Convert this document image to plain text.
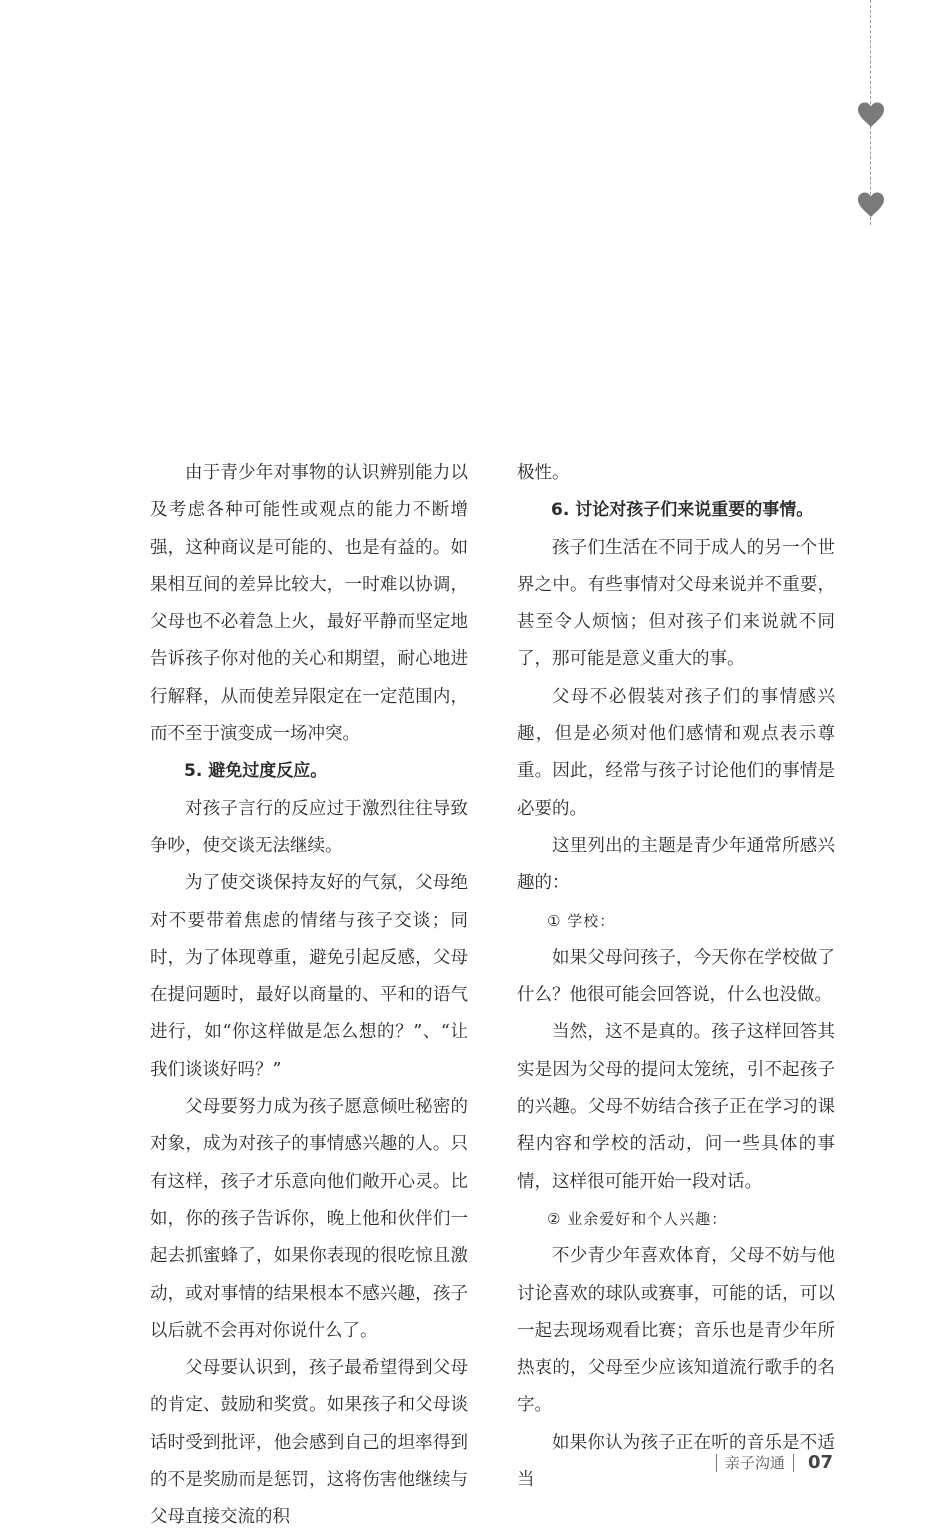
由于青少年对事物的认识辨别能力以及考虑各种可能性或观点的能力不断增强，这种商议是可能的、也是有益的。如果相互间的差异比较大，一时难以协调，父母也不必着急上火，最好平静而坚定地告诉孩子你对他的关心和期望，耐心地进行解释，从而使差异限定在一定范围内，而不至于演变成一场冲突。

5. 避免过度反应。

对孩子言行的反应过于激烈往往导致争吵，使交谈无法继续。

为了使交谈保持友好的气氛，父母绝对不要带着焦虑的情绪与孩子交谈；同时，为了体现尊重，避免引起反感，父母在提问题时，最好以商量的、平和的语气进行，如“你这样做是怎么想的？”、“让我们谈谈好吗？”

父母要努力成为孩子愿意倾吐秘密的对象，成为对孩子的事情感兴趣的人。只有这样，孩子才乐意向他们敞开心灵。比如，你的孩子告诉你，晚上他和伙伴们一起去抓蜜蜂了，如果你表现的很吃惊且激动，或对事情的结果根本不感兴趣，孩子以后就不会再对你说什么了。

父母要认识到，孩子最希望得到父母的肯定、鼓励和奖赏。如果孩子和父母谈话时受到批评，他会感到自己的坦率得到的不是奖励而是惩罚，这将伤害他继续与父母直接交流的积

极性。

6. 讨论对孩子们来说重要的事情。

孩子们生活在不同于成人的另一个世界之中。有些事情对父母来说并不重要，甚至令人烦恼；但对孩子们来说就不同了，那可能是意义重大的事。

父母不必假装对孩子们的事情感兴趣，但是必须对他们感情和观点表示尊重。因此，经常与孩子讨论他们的事情是必要的。

这里列出的主题是青少年通常所感兴趣的：

① 学校：

如果父母问孩子，今天你在学校做了什么？他很可能会回答说，什么也没做。

当然，这不是真的。孩子这样回答其实是因为父母的提问太笼统，引不起孩子的兴趣。父母不妨结合孩子正在学习的课程内容和学校的活动，问一些具体的事情，这样很可能开始一段对话。

② 业余爱好和个人兴趣：

不少青少年喜欢体育，父母不妨与他讨论喜欢的球队或赛事，可能的话，可以一起去现场观看比赛；音乐也是青少年所热衷的，父母至少应该知道流行歌手的名字。

如果你认为孩子正在听的音乐是不适当

亲子沟通 07
